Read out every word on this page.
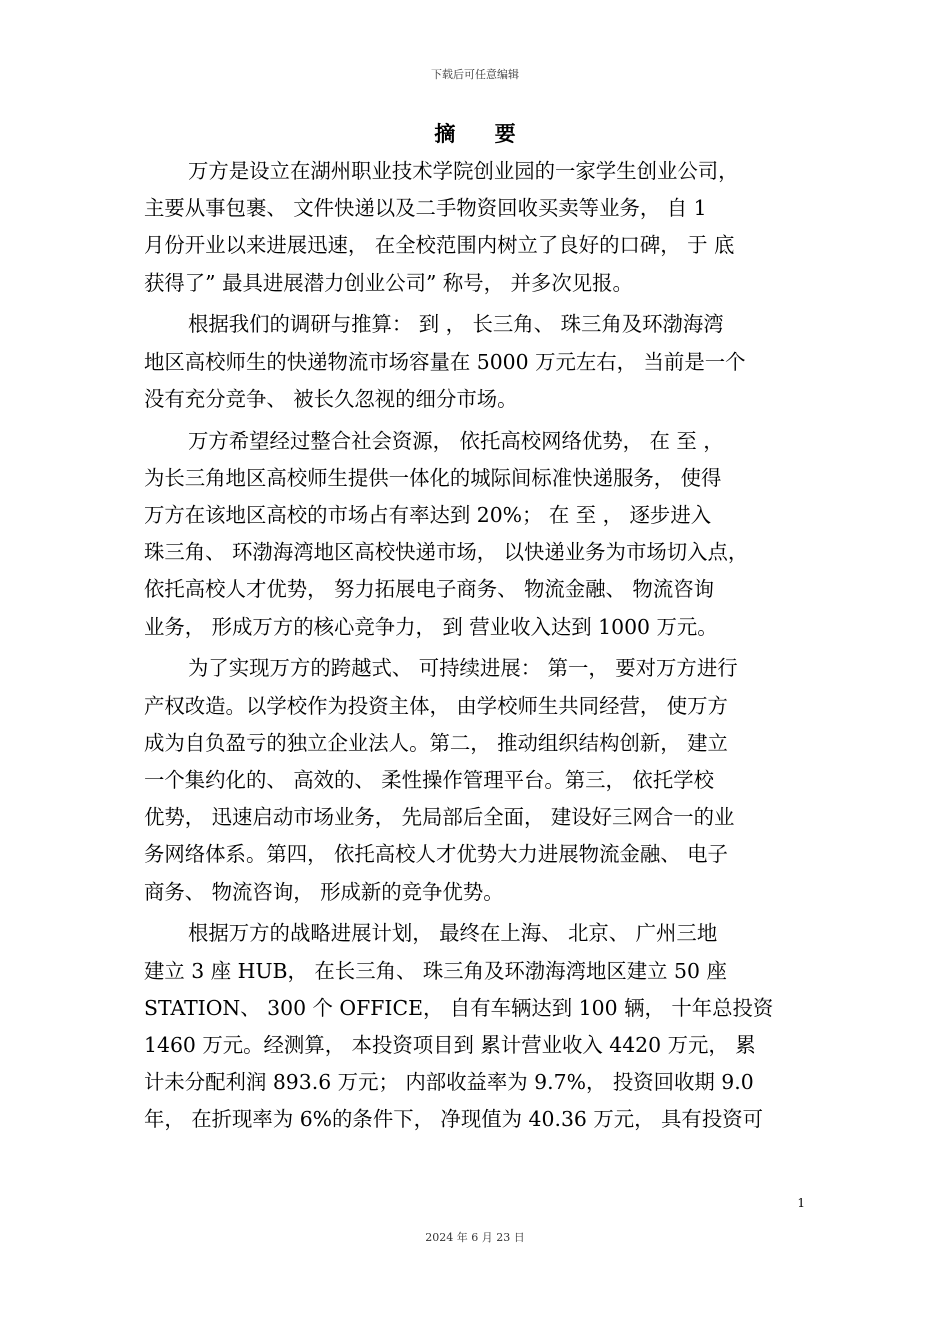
下载后可任意编辑
摘 要

万方是设立在湖州职业技术学院创业园的一家学生创业公司，
主要从事包裹、 文件快递以及二手物资回收买卖等业务， 自 1
月份开业以来进展迅速， 在全校范围内树立了良好的口碑， 于 底
获得了” 最具进展潜力创业公司” 称号， 并多次见报。

根据我们的调研与推算： 到 ， 长三角、 珠三角及环渤海湾
地区高校师生的快递物流市场容量在 5000 万元左右， 当前是一个
没有充分竞争、 被长久忽视的细分市场。

万方希望经过整合社会资源， 依托高校网络优势， 在 至 ，
为长三角地区高校师生提供一体化的城际间标准快递服务， 使得
万方在该地区高校的市场占有率达到 20%； 在 至 ， 逐步进入
珠三角、 环渤海湾地区高校快递市场， 以快递业务为市场切入点，
依托高校人才优势， 努力拓展电子商务、 物流金融、 物流咨询
业务， 形成万方的核心竞争力， 到 营业收入达到 1000 万元。

为了实现万方的跨越式、 可持续进展： 第一， 要对万方进行
产权改造。以学校作为投资主体， 由学校师生共同经营， 使万方
成为自负盈亏的独立企业法人。第二， 推动组织结构创新， 建立
一个集约化的、 高效的、 柔性操作管理平台。第三， 依托学校
优势， 迅速启动市场业务， 先局部后全面， 建设好三网合一的业
务网络体系。第四， 依托高校人才优势大力进展物流金融、 电子
商务、 物流咨询， 形成新的竞争优势。

根据万方的战略进展计划， 最终在上海、 北京、 广州三地
建立 3 座 HUB， 在长三角、 珠三角及环渤海湾地区建立 50 座
STATION、 300 个 OFFICE， 自有车辆达到 100 辆， 十年总投资
1460 万元。经测算， 本投资项目到 累计营业收入 4420 万元， 累
计未分配利润 893.6 万元； 内部收益率为 9.7%， 投资回收期 9.0
年， 在折现率为 6%的条件下， 净现值为 40.36 万元， 具有投资可

1
2024 年 6 月 23 日
